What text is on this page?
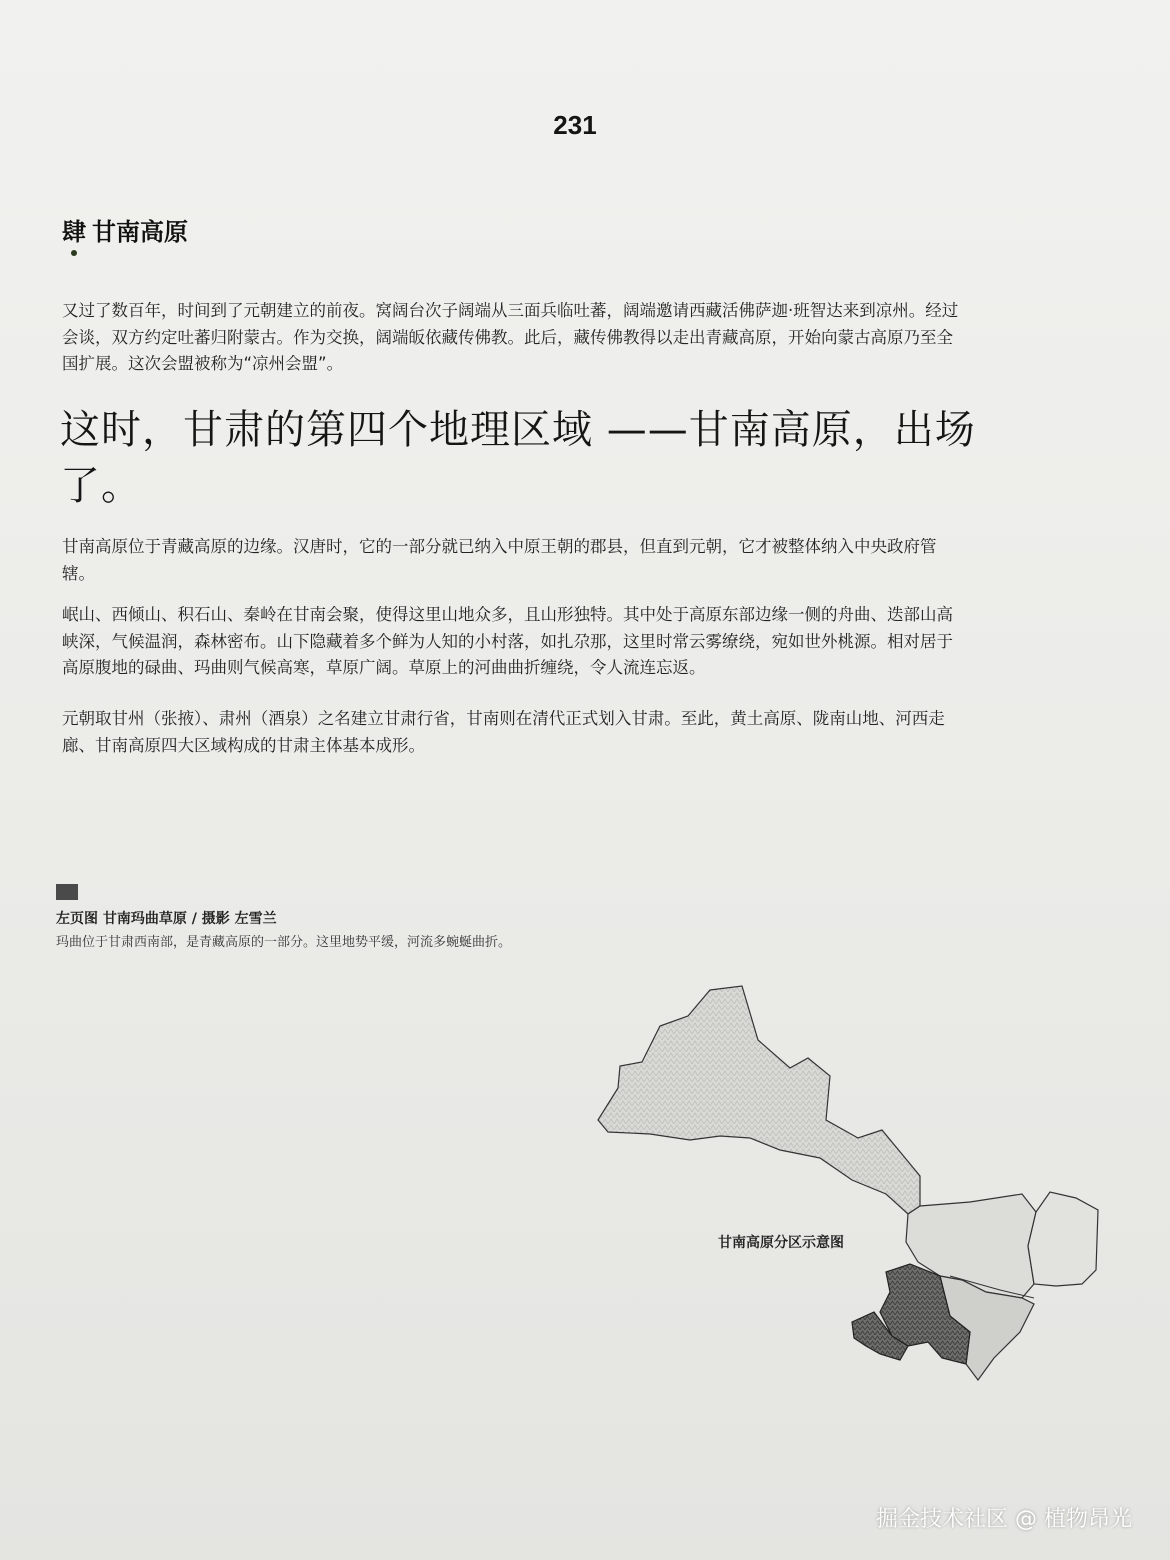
231
肆 甘南高原

又过了数百年，时间到了元朝建立的前夜。窝阔台次子阔端从三面兵临吐蕃，阔端邀请西藏活佛萨迦·班智达来到凉州。经过会谈，双方约定吐蕃归附蒙古。作为交换，阔端皈依藏传佛教。此后，藏传佛教得以走出青藏高原，开始向蒙古高原乃至全国扩展。这次会盟被称为“凉州会盟”。

这时，甘肃的第四个地理区域 ——甘南高原，出场了。

甘南高原位于青藏高原的边缘。汉唐时，它的一部分就已纳入中原王朝的郡县，但直到元朝，它才被整体纳入中央政府管辖。

岷山、西倾山、积石山、秦岭在甘南会聚，使得这里山地众多，且山形独特。其中处于高原东部边缘一侧的舟曲、迭部山高峡深，气候温润，森林密布。山下隐藏着多个鲜为人知的小村落，如扎尕那，这里时常云雾缭绕，宛如世外桃源。相对居于高原腹地的碌曲、玛曲则气候高寒，草原广阔。草原上的河曲曲折缠绕，令人流连忘返。

元朝取甘州（张掖）、肃州（酒泉）之名建立甘肃行省，甘南则在清代正式划入甘肃。至此，黄土高原、陇南山地、河西走廊、甘南高原四大区域构成的甘肃主体基本成形。

左页图 甘南玛曲草原 / 摄影 左雪兰
玛曲位于甘肃西南部，是青藏高原的一部分。这里地势平缓，河流多蜿蜒曲折。
甘南高原分区示意图
掘金技术社区 @ 植物昂光
